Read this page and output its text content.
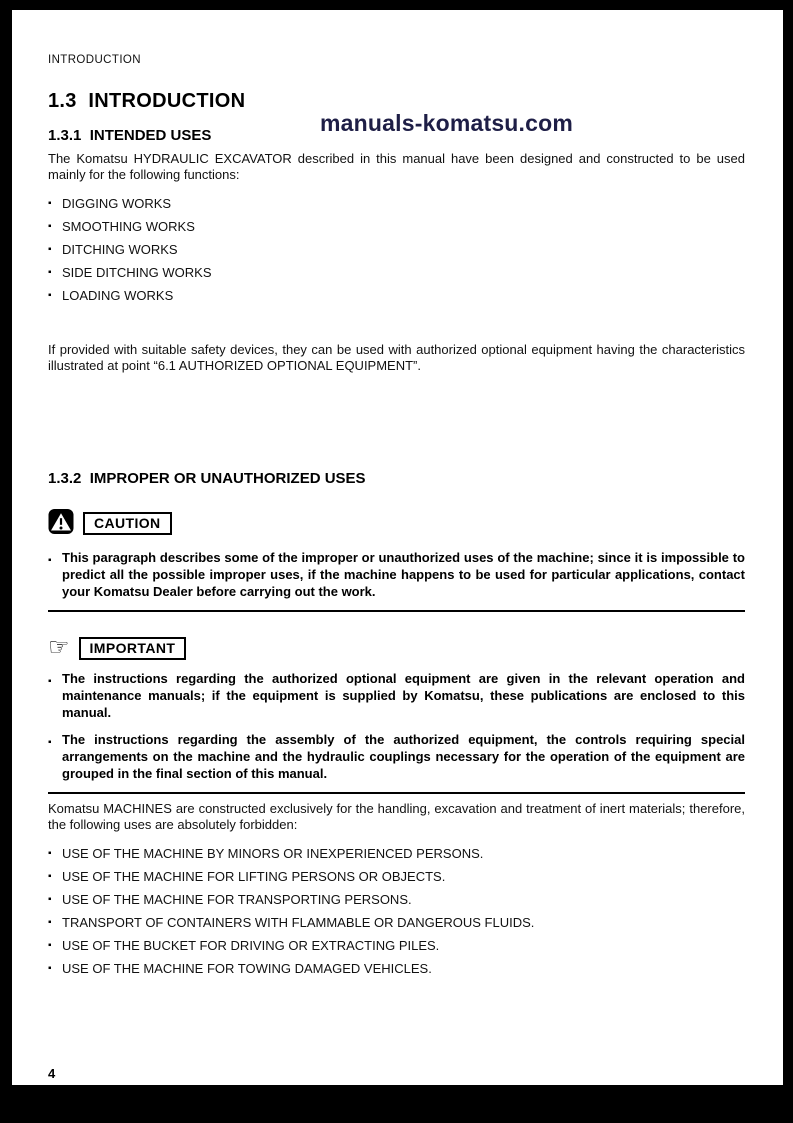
INTRODUCTION
1.3  INTRODUCTION
manuals-komatsu.com
1.3.1  INTENDED USES

The Komatsu HYDRAULIC EXCAVATOR described in this manual have been designed and constructed to be used mainly for the following functions:

▪ DIGGING WORKS
▪ SMOOTHING WORKS
▪ DITCHING WORKS
▪ SIDE DITCHING WORKS
▪ LOADING WORKS

If provided with suitable safety devices, they can be used with authorized optional equipment having the characteristics illustrated at point “6.1 AUTHORIZED OPTIONAL EQUIPMENT”.

1.3.2  IMPROPER OR UNAUTHORIZED USES
CAUTION
▪ This paragraph describes some of the improper or unauthorized uses of the machine; since it is impossible to predict all the possible improper uses, if the machine happens to be used for particular applications, contact your Komatsu Dealer before carrying out the work.
☞	IMPORTANT
▪ The instructions regarding the authorized optional equipment are given in the relevant operation and maintenance manuals; if the equipment is supplied by Komatsu, these publications are enclosed to this manual.
▪ The instructions regarding the assembly of the authorized equipment, the controls requiring special arrangements on the machine and the hydraulic couplings necessary for the operation of the equipment are grouped in the final section of this manual.

Komatsu MACHINES are constructed exclusively for the handling, excavation and treatment of inert materials; therefore, the following uses are absolutely forbidden:

▪ USE OF THE MACHINE BY MINORS OR INEXPERIENCED PERSONS.
▪ USE OF THE MACHINE FOR LIFTING PERSONS OR OBJECTS.
▪ USE OF THE MACHINE FOR TRANSPORTING PERSONS.
▪ TRANSPORT OF CONTAINERS WITH FLAMMABLE OR DANGEROUS FLUIDS.
▪ USE OF THE BUCKET FOR DRIVING OR EXTRACTING PILES.
▪ USE OF THE MACHINE FOR TOWING DAMAGED VEHICLES.
4
